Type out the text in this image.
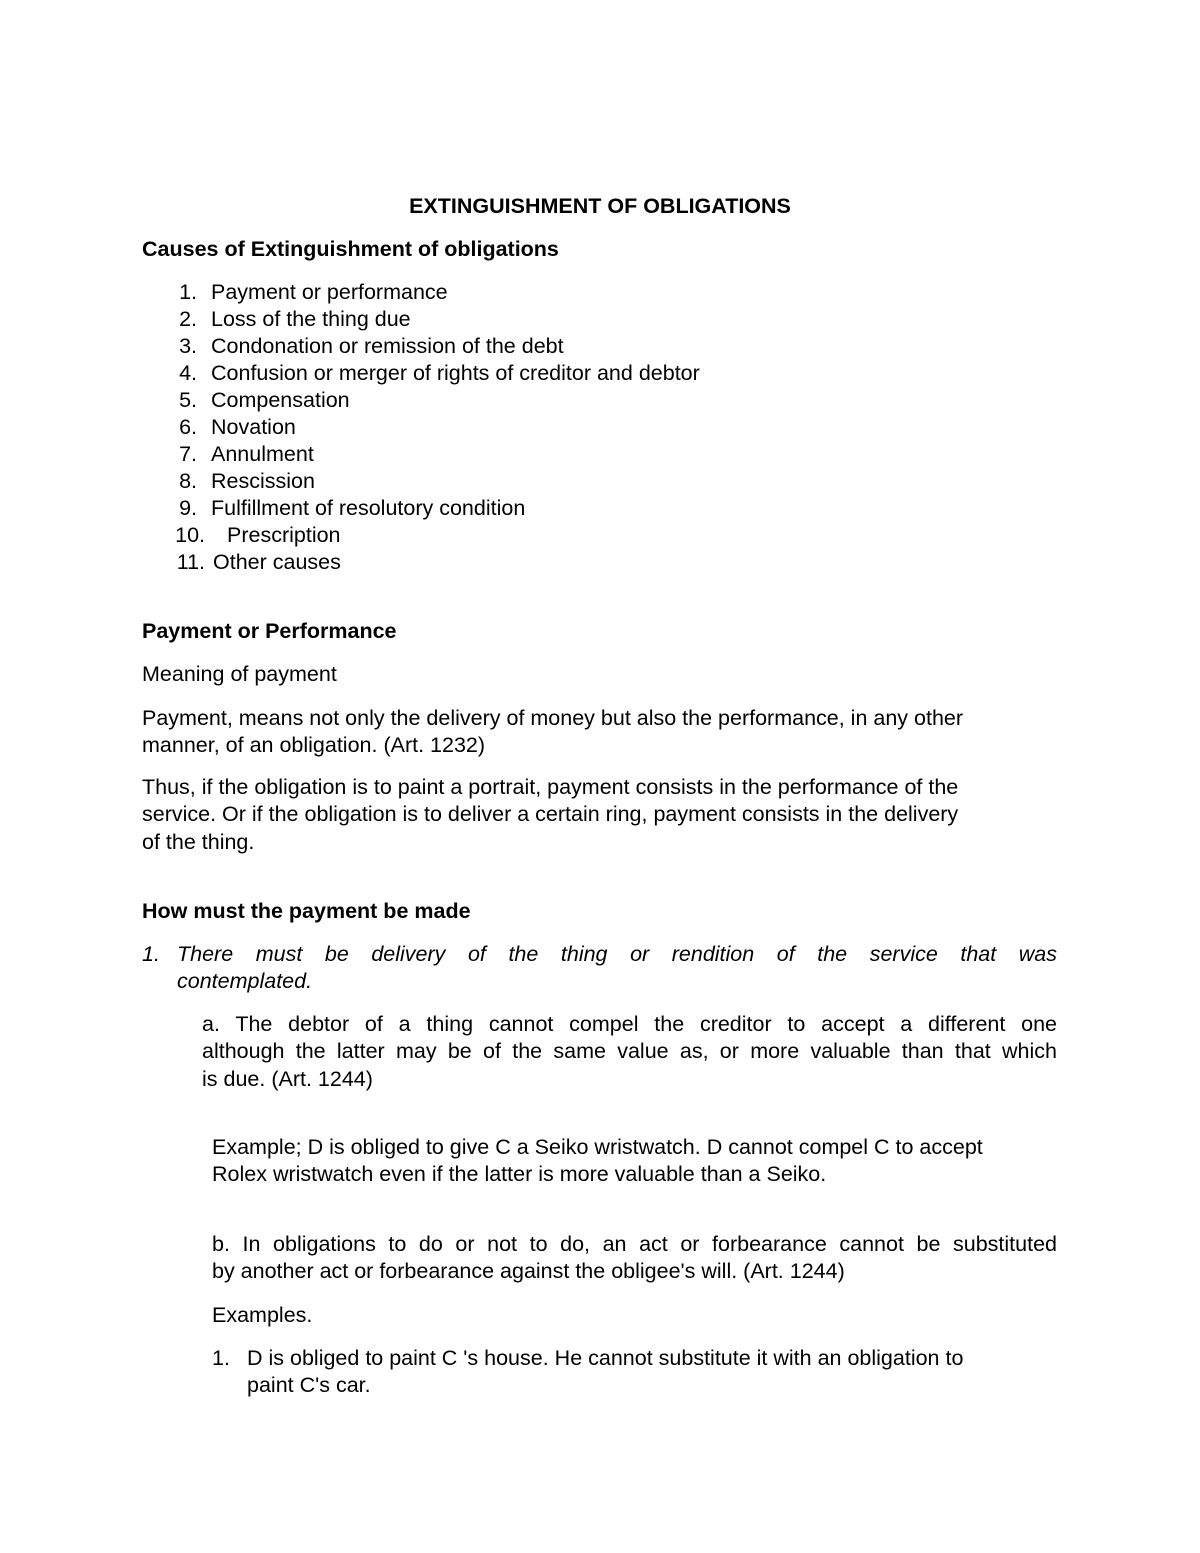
EXTINGUISHMENT OF OBLIGATIONS

Causes of Extinguishment of obligations

1. Payment or performance
2. Loss of the thing due
3. Condonation or remission of the debt
4. Confusion or merger of rights of creditor and debtor
5. Compensation
6. Novation
7. Annulment
8. Rescission
9. Fulfillment of resolutory condition
10. Prescription
11. Other causes

Payment or Performance

Meaning of payment

Payment, means not only the delivery of money but also the performance, in any other

manner, of an obligation. (Art. 1232)

Thus, if the obligation is to paint a portrait, payment consists in the performance of the

service. Or if the obligation is to deliver a certain ring, payment consists in the delivery

of the thing.

How must the payment be made

1. There must be delivery of the thing or rendition of the service that was

contemplated.

a. The debtor of a thing cannot compel the creditor to accept a different one

although the latter may be of the same value as, or more valuable than that which

is due. (Art. 1244)

Example; D is obliged to give C a Seiko wristwatch. D cannot compel C to accept

Rolex wristwatch even if the latter is more valuable than a Seiko.

b. In obligations to do or not to do, an act or forbearance cannot be substituted

by another act or forbearance against the obligee's will. (Art. 1244)

Examples.

1. D is obliged to paint C 's house. He cannot substitute it with an obligation to

paint C's car.
